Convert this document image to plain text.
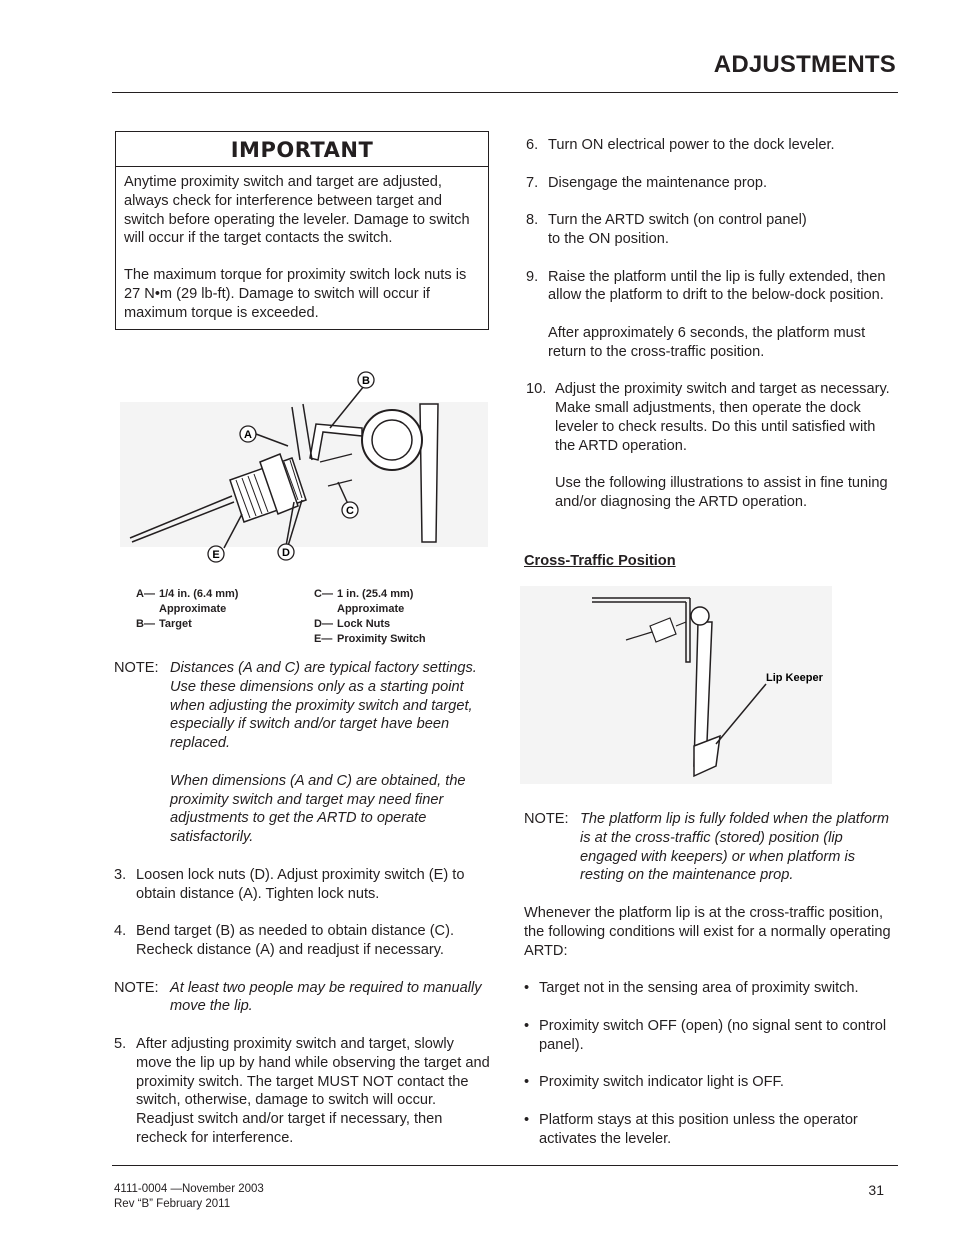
ADJUSTMENTS
IMPORTANT

Anytime proximity switch and target are adjusted, always check for interference between target and switch before operating the leveler. Damage to switch will occur if the target contacts the switch.

The maximum torque for proximity switch lock nuts is 27 N•m (29 lb-ft). Damage to switch will occur if maximum torque is exceeded.

B
A
C
E	D
A— 1/4 in. (6.4 mm)
Approximate
B— Target
C— 1 in. (25.4 mm)
Approximate
D— Lock Nuts
E— Proximity Switch
NOTE: Distances (A and C) are typical factory settings. Use these dimensions only as a starting point when adjusting the proximity switch and target, especially if switch and/or target have been replaced.

When dimensions (A and C) are obtained, the proximity switch and target may need finer adjustments to get the ARTD to operate satisfactorily.

3. Loosen lock nuts (D). Adjust proximity switch (E) to obtain distance (A). Tighten lock nuts.

4. Bend target (B) as needed to obtain distance (C). Recheck distance (A) and readjust if necessary.

NOTE: At least two people may be required to manually move the lip.

5. After adjusting proximity switch and target, slowly move the lip up by hand while observing the target and proximity switch. The target MUST NOT contact the switch, otherwise, damage to switch will occur. Readjust switch and/or target if necessary, then recheck for interference.

6. Turn ON electrical power to the dock leveler.

7. Disengage the maintenance prop.

8. Turn the ARTD switch (on control panel)

to the ON position.

9. Raise the platform until the lip is fully extended, then allow the platform to drift to the below-dock position.

After approximately 6 seconds, the platform must return to the cross-traffic position.

10. Adjust the proximity switch and target as necessary. Make small adjustments, then operate the dock leveler to check results. Do this until satisfied with the ARTD operation.

Use the following illustrations to assist in fine tuning and/or diagnosing the ARTD operation.

Cross-Traffic Position
Lip Keeper
NOTE: The platform lip is fully folded when the platform is at the cross-traffic (stored) position (lip engaged with keepers) or when platform is resting on the maintenance prop.

Whenever the platform lip is at the cross-traffic position, the following conditions will exist for a normally operating ARTD:

• Target not in the sensing area of proximity switch.

• Proximity switch OFF (open) (no signal sent to control panel).

• Proximity switch indicator light is OFF.

• Platform stays at this position unless the operator activates the leveler.

4111-0004 —November 2003
Rev “B” February 2011
31
